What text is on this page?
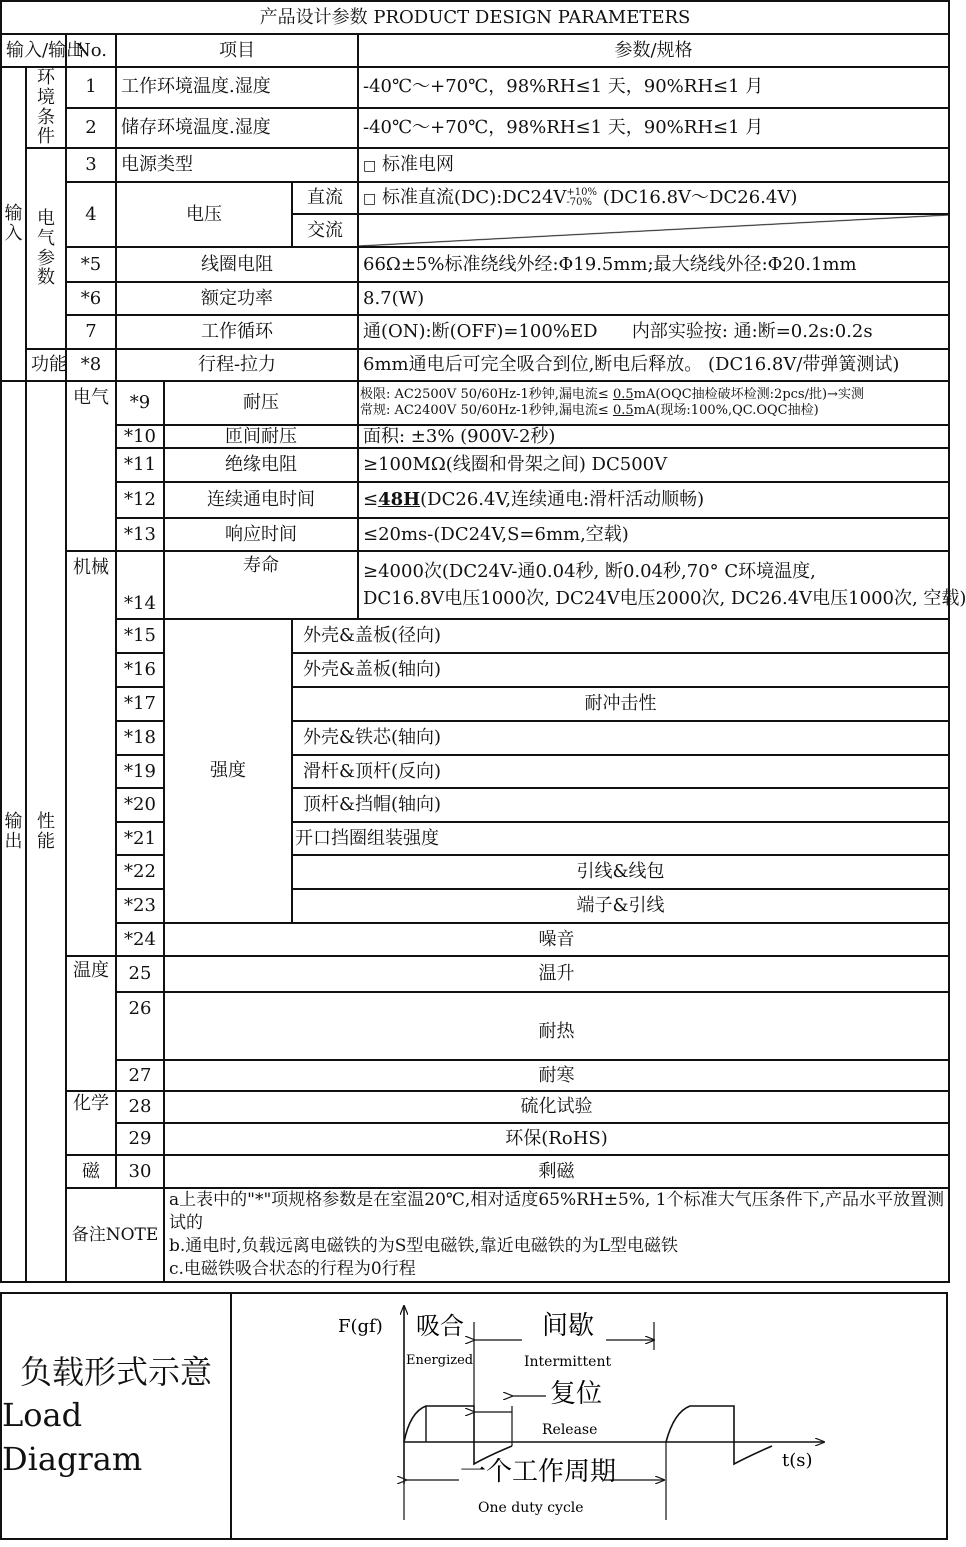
产品设计参数 PRODUCT DESIGN PARAMETERS							
输入/输出		No.	项目			参数/规格	
输入	环境条件	1	工作环境温度.湿度			-40℃～+70℃，98%RH≤1 天，90%RH≤1 月	
		2	储存环境温度.湿度			-40℃～+70℃，98%RH≤1 天，90%RH≤1 月	
	电气参数	3	电源类型			□ 标准电网	
		4	电压		直流	□ 标准直流(DC):DC24V +10%
-70% (DC16.8V～DC26.4V)	
					交流		
		*5	线圈电阻			66Ω±5%标准绕线外经:Φ19.5mm;最大绕线外径:Φ20.1mm	
		*6	额定功率			8.7(W)	
		7	工作循环			通(ON):断(OFF)=100%ED      内部实验按: 通:断=0.2s:0.2s	
	功能	*8	行程-拉力			6mm通电后可完全吸合到位,断电后释放。 (DC16.8V/带弹簧测试)	
输出	性能	电气	*9	耐压		极限: AC2500V 50/60Hz-1秒钟,漏电流≤ 0.5mA(OQC抽检破坏检测:2pcs/批)→实测
常规: AC2400V 50/60Hz-1秒钟,漏电流≤ 0.5mA(现场:100%,QC.OQC抽检)	

			*10	匝间耐压		面积: ±3% (900V-2秒)	
			*11	绝缘电阻		≥100MΩ(线圈和骨架之间) DC500V	
			*12	连续通电时间		≤48H(DC26.4V,连续通电:滑杆活动顺畅)	
			*13	响应时间		≤20ms-(DC24V,S=6mm,空载)	
		机械	*14	寿命		≥4000次(DC24V-通0.04秒, 断0.04秒,70° C环境温度,
DC16.8V电压1000次, DC24V电压2000次, DC26.4V电压1000次, 空载)	

			*15	强度	外壳&盖板(径向)	
			*16		外壳&盖板(轴向)	
			*17		耐冲击性	
			*18		外壳&铁芯(轴向)	
			*19		滑杆&顶杆(反向)		
			*20		顶杆&挡帽(轴向)		
			*21		开口挡圈组装强度	
			*22		引线&线包	
			*23		端子&引线	
			*24	噪音			
		温度	25	温升	
			26	耐热	

			27	耐寒	
		化学	28	硫化试验	
			29	环保(RoHS)	
		磁	30	剩磁	
		备注NOTE		a上表中的"*"项规格参数是在室温20℃,相对适度65%RH±5%, 1个标准大气压条件下,产品水平放置测试的
b.通电时,负载远离电磁铁的为S型电磁铁,靠近电磁铁的为L型电磁铁
c.电磁铁吸合状态的行程为0行程			
负载形式示意
Load Diagram
F(gf)
t(s)
吸合
Energized
间歇
Intermittent
复位
Release
一个工作周期
One duty cycle
